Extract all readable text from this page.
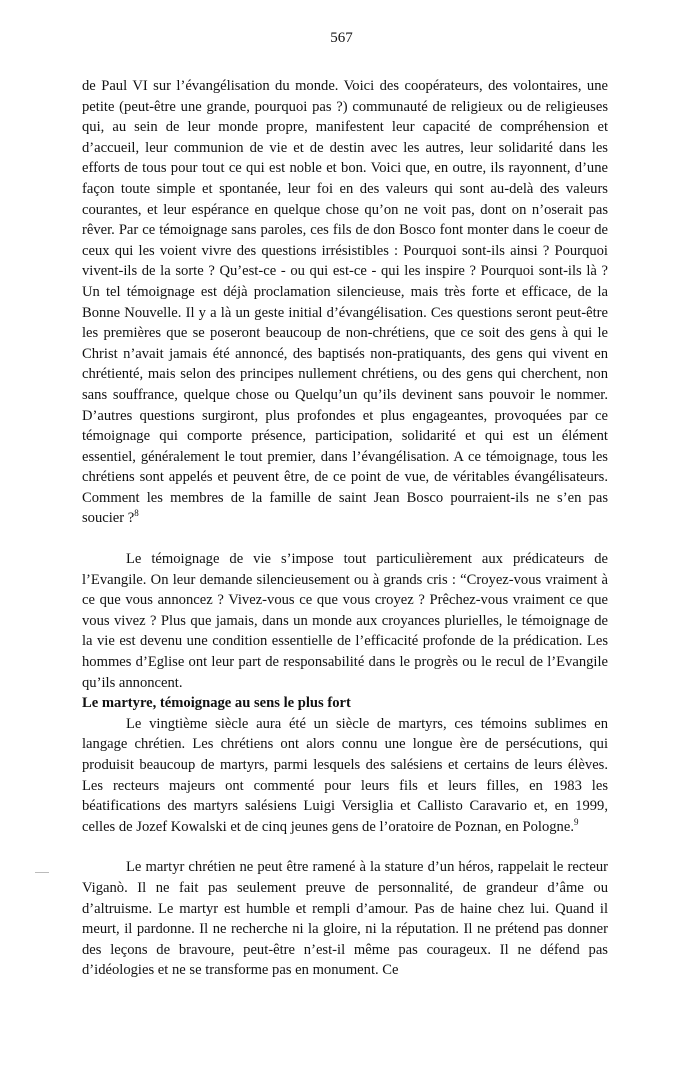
567

de Paul VI sur l’évangélisation du monde. Voici des coopérateurs, des volontaires, une petite (peut-être une grande, pourquoi pas ?) communauté de religieux ou de religieuses qui, au sein de leur monde propre, manifestent leur capacité de compréhension et d’accueil, leur communion de vie et de destin avec les autres, leur solidarité dans les efforts de tous pour tout ce qui est noble et bon. Voici que, en outre, ils rayonnent, d’une façon toute simple et spontanée, leur foi en des valeurs qui sont au-delà des valeurs courantes, et leur espérance en quelque chose qu’on ne voit pas, dont on n’oserait pas rêver. Par ce témoignage sans paroles, ces fils de don Bosco font monter dans le coeur de ceux qui les voient vivre des questions irrésistibles : Pourquoi sont-ils ainsi ? Pourquoi vivent-ils de la sorte ? Qu’est-ce - ou qui est-ce - qui les inspire ? Pourquoi sont-ils là ? Un tel témoignage est déjà proclamation silencieuse, mais très forte et efficace, de la Bonne Nouvelle. Il y a là un geste initial d’évangélisation. Ces questions seront peut-être les premières que se poseront beaucoup de non-chrétiens, que ce soit des gens à qui le Christ n’avait jamais été annoncé, des baptisés non-pratiquants, des gens qui vivent en chrétienté, mais selon des principes nullement chrétiens, ou des gens qui cherchent, non sans souffrance, quelque chose ou Quelqu’un qu’ils devinent sans pouvoir le nommer. D’autres questions surgiront, plus profondes et plus engageantes, provoquées par ce témoignage qui comporte présence, participation, solidarité et qui est un élément essentiel, généralement le tout premier, dans l’évangélisation. A ce témoignage, tous les chrétiens sont appelés et peuvent être, de ce point de vue, de véritables évangélisateurs. Comment les membres de la famille de saint Jean Bosco pourraient-ils ne s’en pas soucier ?$^8$

Le témoignage de vie s’impose tout particulièrement aux prédicateurs de l’Evangile. On leur demande silencieusement ou à grands cris : “Croyez-vous vraiment à ce que vous annoncez ? Vivez-vous ce que vous croyez ? Prêchez-vous vraiment ce que vous vivez ? Plus que jamais, dans un monde aux croyances plurielles, le témoignage de la vie est devenu une condition essentielle de l’efficacité profonde de la prédication. Les hommes d’Eglise ont leur part de responsabilité dans le progrès ou le recul de l’Evangile qu’ils annoncent.

Le martyre, témoignage au sens le plus fort

Le vingtième siècle aura été un siècle de martyrs, ces témoins sublimes en langage chrétien. Les chrétiens ont alors connu une longue ère de persécutions, qui produisit beaucoup de martyrs, parmi lesquels des salésiens et certains de leurs élèves. Les recteurs majeurs ont commenté pour leurs fils et leurs filles, en 1983 les béatifications des martyrs salésiens Luigi Versiglia et Callisto Caravario et, en 1999, celles de Jozef Kowalski et de cinq jeunes gens de l’oratoire de Poznan, en Pologne.$^9$

Le martyr chrétien ne peut être ramené à la stature d’un héros, rappelait le recteur Viganò. Il ne fait pas seulement preuve de personnalité, de grandeur d’âme ou d’altruisme. Le martyr est humble et rempli d’amour. Pas de haine chez lui. Quand il meurt, il pardonne. Il ne recherche ni la gloire, ni la réputation. Il ne prétend pas donner des leçons de bravoure, peut-être n’est-il même pas courageux. Il ne défend pas d’idéologies et ne se transforme pas en monument. Ce
